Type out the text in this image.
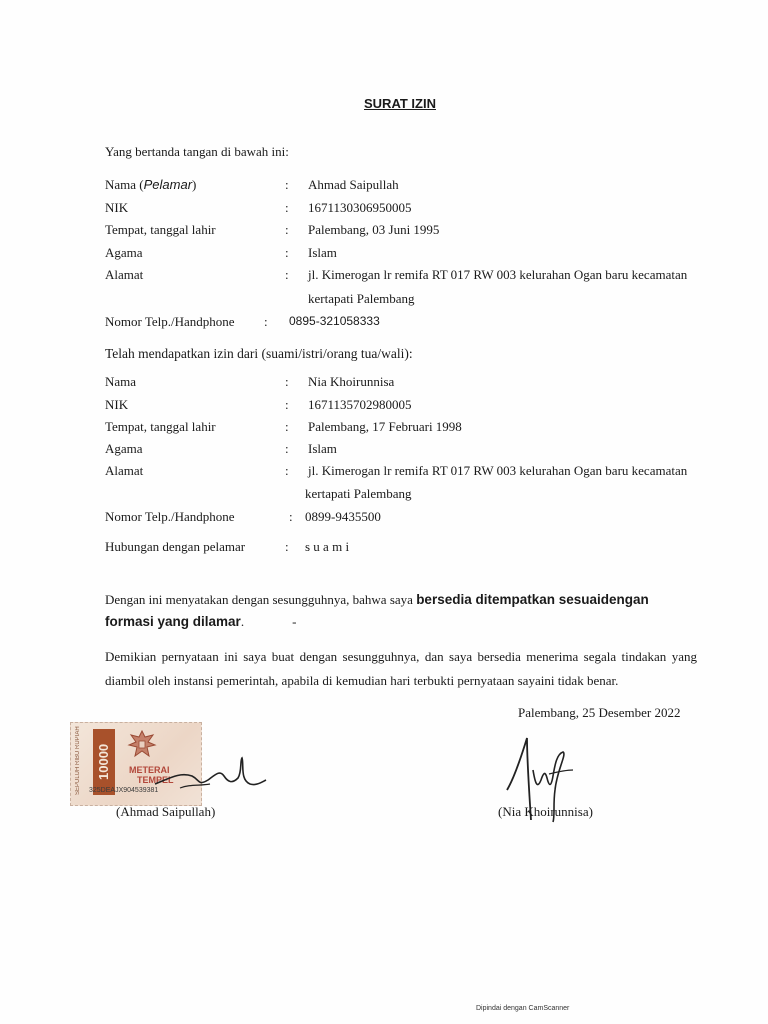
SURAT IZIN
Yang bertanda tangan di bawah ini:
Nama (Pelamar)	: Ahmad Saipullah
NIK	: 1671130306950005
Tempat, tanggal lahir	: Palembang, 03 Juni 1995
Agama	: Islam
Alamat	: jl. Kimerogan lr remifa RT 017 RW 003 kelurahan Ogan baru kecamatan
kertapati Palembang
Nomor Telp./Handphone : 0895-321058333
Telah mendapatkan izin dari (suami/istri/orang tua/wali):
Nama	: Nia Khoirunnisa
NIK	: 1671135702980005
Tempat, tanggal lahir	: Palembang, 17 Februari 1998
Agama	: Islam
Alamat	: jl. Kimerogan lr remifa RT 017 RW 003 kelurahan Ogan baru kecamatan
kertapati Palembang
Nomor Telp./Handphone	: 0899-9435500
Hubungan dengan pelamar	: s u a m i
Dengan ini menyatakan dengan sesungguhnya, bahwa saya bersedia ditempatkan sesuaidengan
formasi yang dilamar.	-
Demikian pernyataan ini saya buat dengan sesungguhnya, dan saya bersedia menerima segala tindakan yang diambil oleh instansi pemerintah, apabila di kemudian hari terbukti pernyataan sayaini tidak benar.
Palembang, 25 Desember 2022
SEPULUH RIBU RUPIAH	10000	METERAI
TEMPEL
325DEAJX904539381
(Ahmad Saipullah)	(Nia Khoirunnisa)
Dipindai dengan CamScanner
